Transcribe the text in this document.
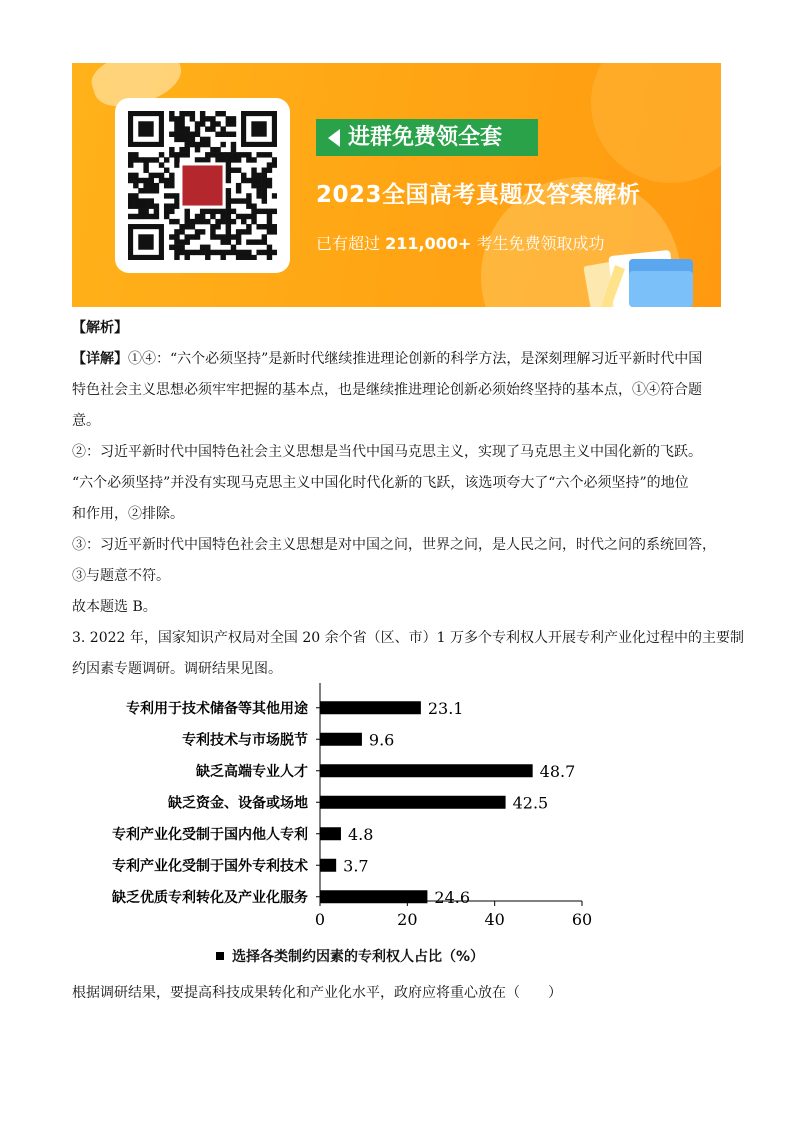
进群免费领全套
2023全国高考真题及答案解析
已有超过 211,000+ 考生免费领取成功
【解析】
【详解】①④：“六个必须坚持”是新时代继续推进理论创新的科学方法，是深刻理解习近平新时代中国
特色社会主义思想必须牢牢把握的基本点，也是继续推进理论创新必须始终坚持的基本点，①④符合题
意。
②：习近平新时代中国特色社会主义思想是当代中国马克思主义，实现了马克思主义中国化新的飞跃。
“六个必须坚持”并没有实现马克思主义中国化时代化新的飞跃，该选项夸大了“六个必须坚持”的地位
和作用，②排除。
③：习近平新时代中国特色社会主义思想是对中国之问，世界之问，是人民之问，时代之问的系统回答，
③与题意不符。
故本题选 B。
3. 2022 年，国家知识产权局对全国 20 余个省（区、市）1 万多个专利权人开展专利产业化过程中的主要制
约因素专题调研。调研结果见图。
专利用于技术储备等其他用途	23.1
专利技术与市场脱节	9.6
缺乏高端专业人才	48.7
缺乏资金、设备或场地	42.5
专利产业化受制于国内他人专利 4.8
专利产业化受制于国外专利技术 3.7
缺乏优质专利转化及产业化服务	24.6
0	20	40	60
选择各类制约因素的专利权人占比（%）
根据调研结果，要提高科技成果转化和产业化水平，政府应将重心放在（　　）
